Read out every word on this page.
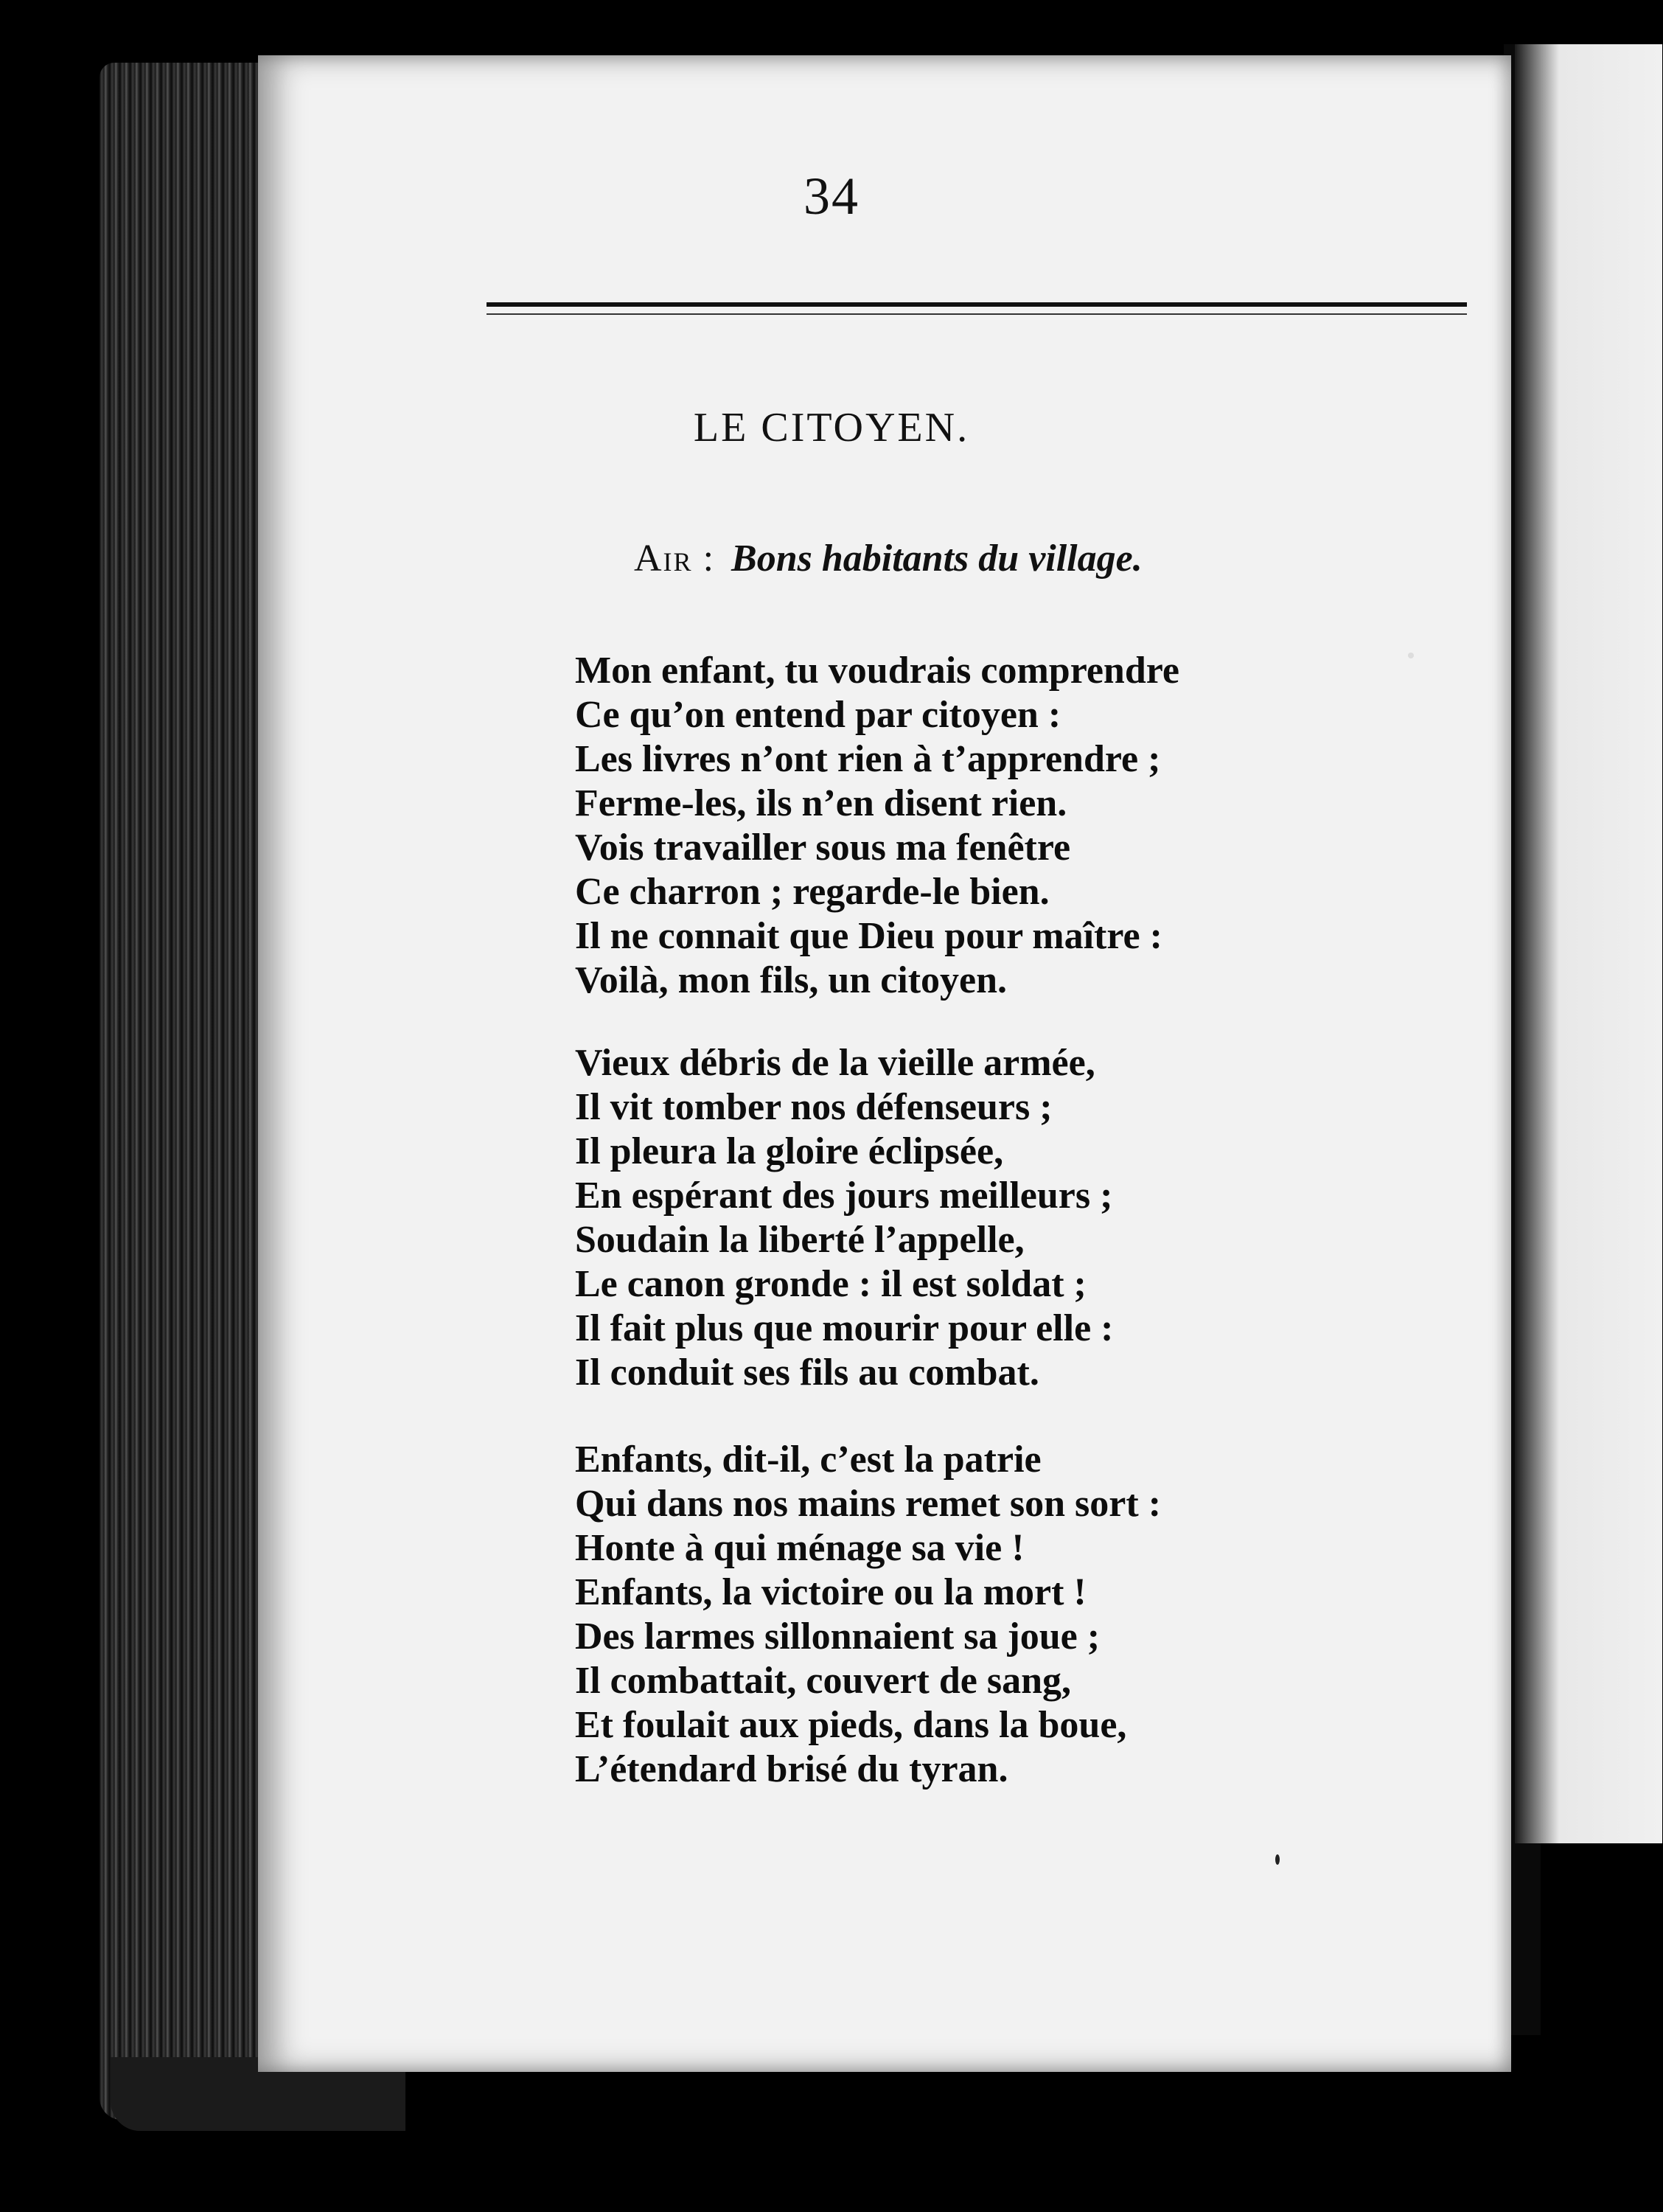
34
LE CITOYEN.
Air : Bons habitants du village.
Mon enfant, tu voudrais comprendre
Ce qu’on entend par citoyen :
Les livres n’ont rien à t’apprendre ;
Ferme-les, ils n’en disent rien.
Vois travailler sous ma fenêtre
Ce charron ; regarde-le bien.
Il ne connait que Dieu pour maître :
Voilà, mon fils, un citoyen.
Vieux débris de la vieille armée,
Il vit tomber nos défenseurs ;
Il pleura la gloire éclipsée,
En espérant des jours meilleurs ;
Soudain la liberté l’appelle,
Le canon gronde : il est soldat ;
Il fait plus que mourir pour elle :
Il conduit ses fils au combat.
Enfants, dit-il, c’est la patrie
Qui dans nos mains remet son sort :
Honte à qui ménage sa vie !
Enfants, la victoire ou la mort !
Des larmes sillonnaient sa joue ;
Il combattait, couvert de sang,
Et foulait aux pieds, dans la boue,
L’étendard brisé du tyran.
